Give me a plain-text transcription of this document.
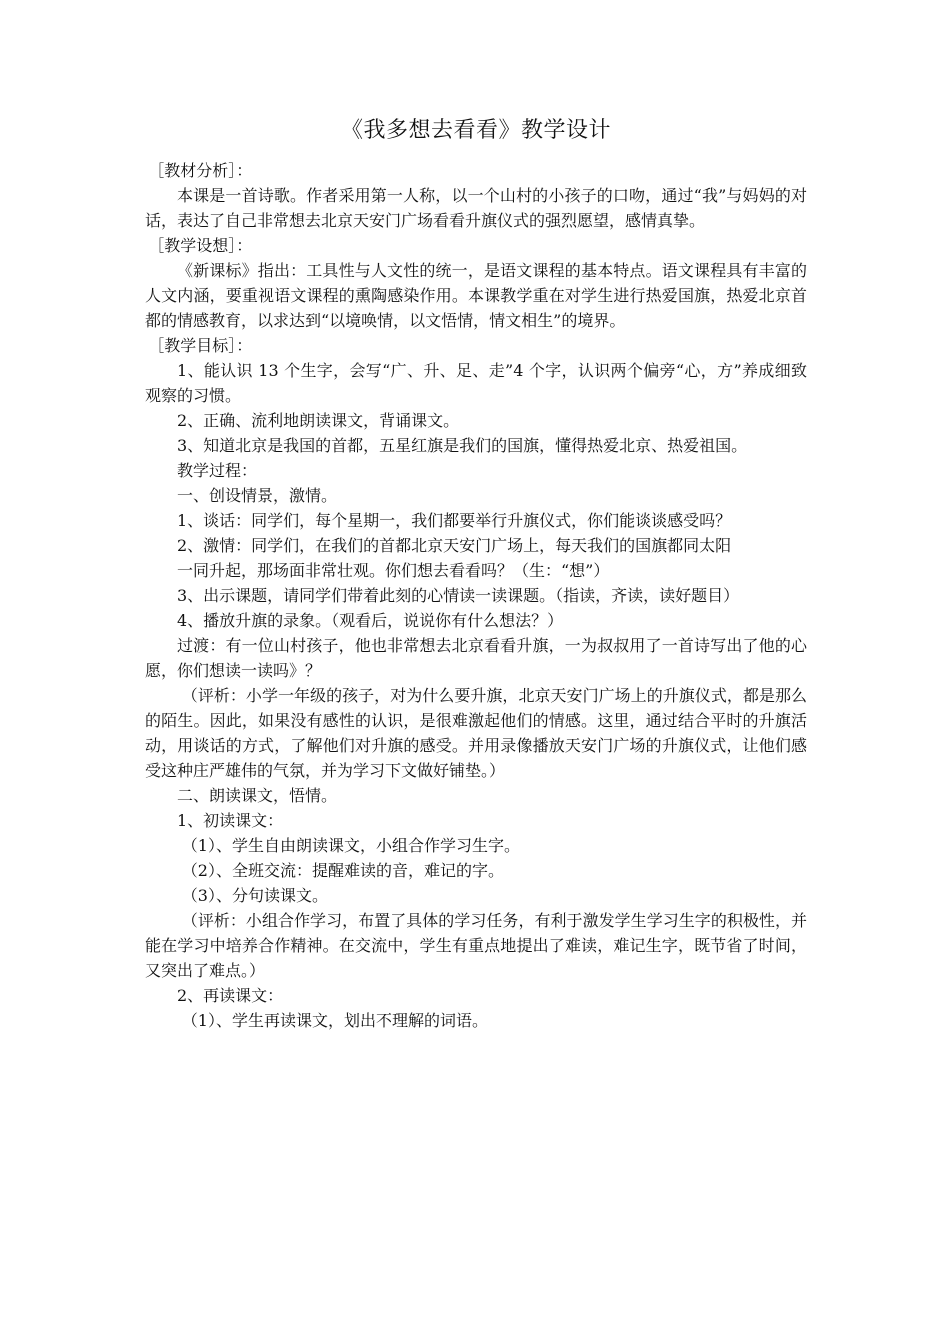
《我多想去看看》教学设计

［教材分析］：

本课是一首诗歌。作者采用第一人称，以一个山村的小孩子的口吻，通过“我”与妈妈的对话，表达了自己非常想去北京天安门广场看看升旗仪式的强烈愿望，感情真挚。

［教学设想］：

《新课标》指出：工具性与人文性的统一，是语文课程的基本特点。语文课程具有丰富的人文内涵，要重视语文课程的熏陶感染作用。本课教学重在对学生进行热爱国旗，热爱北京首都的情感教育，以求达到“以境唤情，以文悟情，情文相生”的境界。

［教学目标］：

1、能认识 13 个生字，会写“广、升、足、走”4 个字，认识两个偏旁“心，方”养成细致观察的习惯。

2、正确、流利地朗读课文，背诵课文。

3、知道北京是我国的首都，五星红旗是我们的国旗，懂得热爱北京、热爱祖国。

教学过程：

一、创设情景，激情。

1、谈话：同学们，每个星期一，我们都要举行升旗仪式，你们能谈谈感受吗？

2、激情：同学们，在我们的首都北京天安门广场上，每天我们的国旗都同太阳

一同升起，那场面非常壮观。你们想去看看吗？（生：“想”）

3、出示课题，请同学们带着此刻的心情读一读课题。（指读，齐读，读好题目）

4、播放升旗的录象。（观看后，说说你有什么想法？）

过渡：有一位山村孩子，他也非常想去北京看看升旗，一为叔叔用了一首诗写出了他的心愿，你们想读一读吗》？

（评析：小学一年级的孩子，对为什么要升旗，北京天安门广场上的升旗仪式，都是那么的陌生。因此，如果没有感性的认识，是很难激起他们的情感。这里，通过结合平时的升旗活动，用谈话的方式，了解他们对升旗的感受。并用录像播放天安门广场的升旗仪式，让他们感受这种庄严雄伟的气氛，并为学习下文做好铺垫。）

二、朗读课文，悟情。

1、初读课文：

（1）、学生自由朗读课文，小组合作学习生字。

（2）、全班交流：提醒难读的音，难记的字。

（3）、分句读课文。

（评析：小组合作学习，布置了具体的学习任务，有利于激发学生学习生字的积极性，并能在学习中培养合作精神。在交流中，学生有重点地提出了难读，难记生字，既节省了时间，又突出了难点。）

2、再读课文：

（1）、学生再读课文，划出不理解的词语。
